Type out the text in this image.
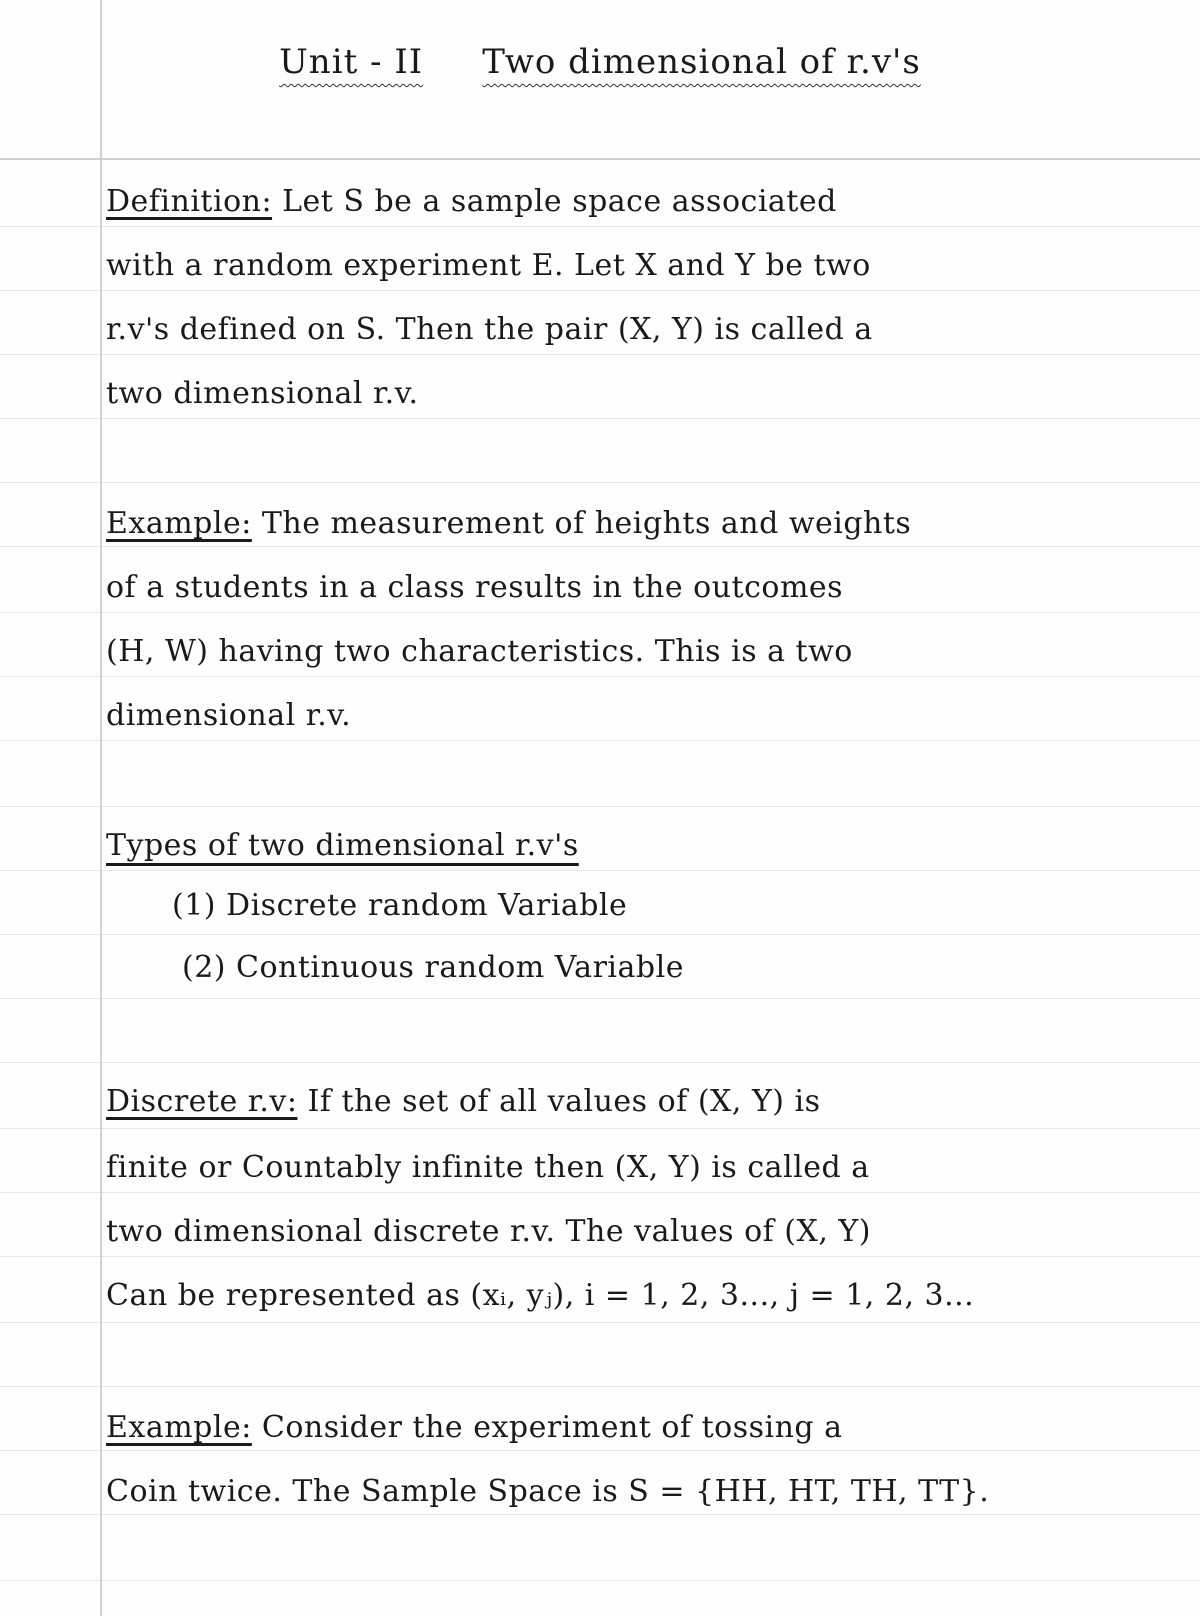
Unit - II Two dimensional of r.v's
Definition: Let S be a sample space associated
with a random experiment E. Let X and Y be two
r.v's defined on S. Then the pair (X, Y) is called a
two dimensional r.v.
Example: The measurement of heights and weights
of a students in a class results in the outcomes
(H, W) having two characteristics. This is a two
dimensional r.v.
Types of two dimensional r.v's
(1) Discrete random Variable
(2) Continuous random Variable
Discrete r.v: If the set of all values of (X, Y) is
finite or Countably infinite then (X, Y) is called a
two dimensional discrete r.v. The values of (X, Y)
Can be represented as (xᵢ, yⱼ), i = 1, 2, 3..., j = 1, 2, 3...
Example: Consider the experiment of tossing a
Coin twice. The Sample Space is S = {HH, HT, TH, TT}.
